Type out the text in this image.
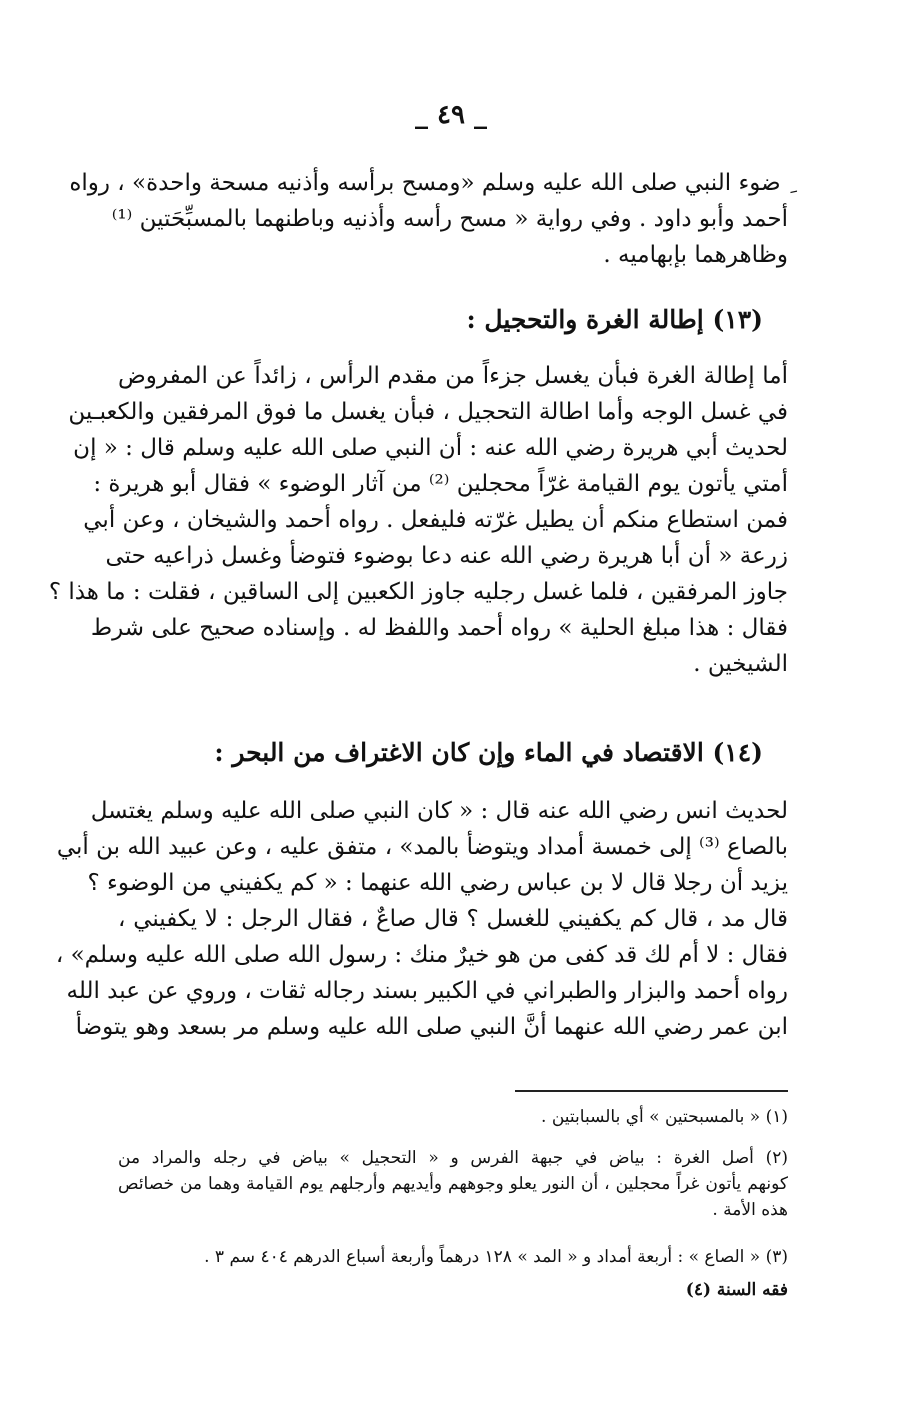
_ ٤٩ _
ِ ضوء النبي صلى الله عليه وسلم «ومسح برأسه وأذنيه مسحة واحدة» ، رواه
أحمد وأبو داود . وفي رواية « مسح رأسه وأذنيه وباطنهما بالمسبِّحَتين ⁽¹⁾
وظاهرهما بإبهاميه .
(١٣) إطالة الغرة والتحجيل :
أما إطالة الغرة فبأن يغسل جزءاً من مقدم الرأس ، زائداً عن المفروض
في غسل الوجه وأما اطالة التحجيل ، فبأن يغسل ما فوق المرفقين والكعبـين
لحديث أبي هريرة رضي الله عنه : أن النبي صلى الله عليه وسلم قال : « إن
أمتي يأتون يوم القيامة غرّاً محجلين ⁽²⁾ من آثار الوضوء » فقال أبو هريرة :
فمن استطاع منكم أن يطيل غرّته فليفعل . رواه أحمد والشيخان ، وعن أبي
زرعة « أن أبا هريرة رضي الله عنه دعا بوضوء فتوضأ وغسل ذراعيه حتى
جاوز المرفقين ، فلما غسل رجليه جاوز الكعبين إلى الساقين ، فقلت : ما هذا ؟
فقال : هذا مبلغ الحلية » رواه أحمد واللفظ له . وإسناده صحيح على شرط
الشيخين .
(١٤) الاقتصاد في الماء وإن كان الاغتراف من البحر :
لحديث انس رضي الله عنه قال : « كان النبي صلى الله عليه وسلم يغتسل
بالصاع ⁽³⁾ إلى خمسة أمداد ويتوضأ بالمد» ، متفق عليه ، وعن عبيد الله بن أبي
يزيد أن رجلا قال لا بن عباس رضي الله عنهما : « كم يكفيني من الوضوء ؟
قال مد ، قال كم يكفيني للغسل ؟ قال صاعٌ ، فقال الرجل : لا يكفيني ،
فقال : لا أم لك قد كفى من هو خيرٌ منك : رسول الله صلى الله عليه وسلم» ،
رواه أحمد والبزار والطبراني في الكبير بسند رجاله ثقات ، وروي عن عبد الله
ابن عمر رضي الله عنهما أنَّ النبي صلى الله عليه وسلم مر بسعد وهو يتوضأ
(١) « بالمسبحتين » أي بالسبابتين .
(٢) أصل الغرة : بياض في جبهة الفرس و « التحجيل » بياض في رجله والمراد من
كونهم يأتون غراً محجلين ، أن النور يعلو وجوههم وأيديهم وأرجلهم يوم القيامة وهما من خصائص
هذه الأمة .
(٣) « الصاع » : أربعة أمداد و « المد » ١٢٨ درهماً وأربعة أسباع الدرهم ٤٠٤ سم ٣ .
فقه السنة (٤)
